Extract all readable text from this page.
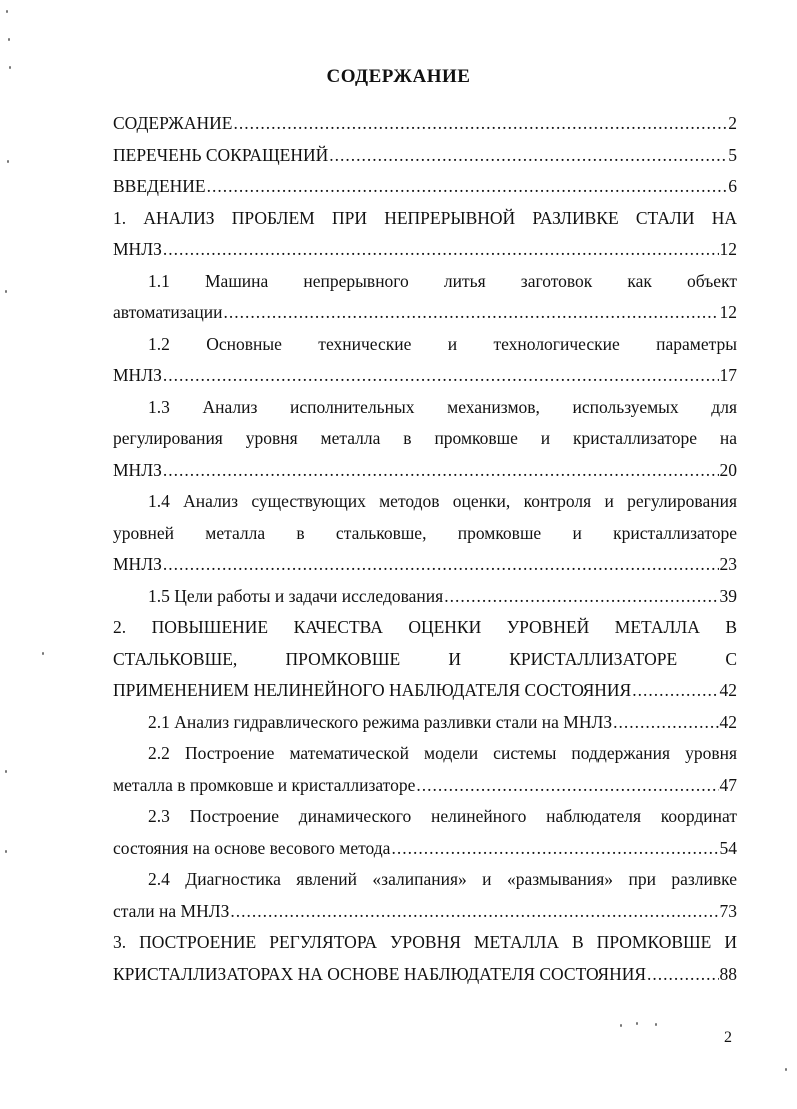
СОДЕРЖАНИЕ
СОДЕРЖАНИЕ .....	2
ПЕРЕЧЕНЬ СОКРАЩЕНИЙ .....	5
ВВЕДЕНИЕ .....	6
1. АНАЛИЗ ПРОБЛЕМ ПРИ НЕПРЕРЫВНОЙ РАЗЛИВКЕ СТАЛИ НА
МНЛЗ .....	12
1.1 Машина непрерывного литья заготовок как объект
автоматизации .....	12
1.2 Основные технические и технологические параметры
МНЛЗ .....	17
1.3 Анализ исполнительных механизмов, используемых для
регулирования уровня металла в промковше и кристаллизаторе на
МНЛЗ .....	20
1.4 Анализ существующих методов оценки, контроля и регулирования
уровней металла в стальковше, промковше и кристаллизаторе
МНЛЗ .....	23
1.5 Цели работы и задачи исследования .....	39
2. ПОВЫШЕНИЕ КАЧЕСТВА ОЦЕНКИ УРОВНЕЙ МЕТАЛЛА В
СТАЛЬКОВШЕ, ПРОМКОВШЕ И КРИСТАЛЛИЗАТОРЕ С
ПРИМЕНЕНИЕМ НЕЛИНЕЙНОГО НАБЛЮДАТЕЛЯ СОСТОЯНИЯ .....	42
2.1 Анализ гидравлического режима разливки стали на МНЛЗ .....	42
2.2 Построение математической модели системы поддержания уровня
металла в промковше и кристаллизаторе .....	47
2.3 Построение динамического нелинейного наблюдателя координат
состояния на основе весового метода .....	54
2.4 Диагностика явлений «залипания» и «размывания» при разливке
стали на МНЛЗ .....	73
3. ПОСТРОЕНИЕ РЕГУЛЯТОРА УРОВНЯ МЕТАЛЛА В ПРОМКОВШЕ И
КРИСТАЛЛИЗАТОРАХ НА ОСНОВЕ НАБЛЮДАТЕЛЯ СОСТОЯНИЯ .....	88
2
